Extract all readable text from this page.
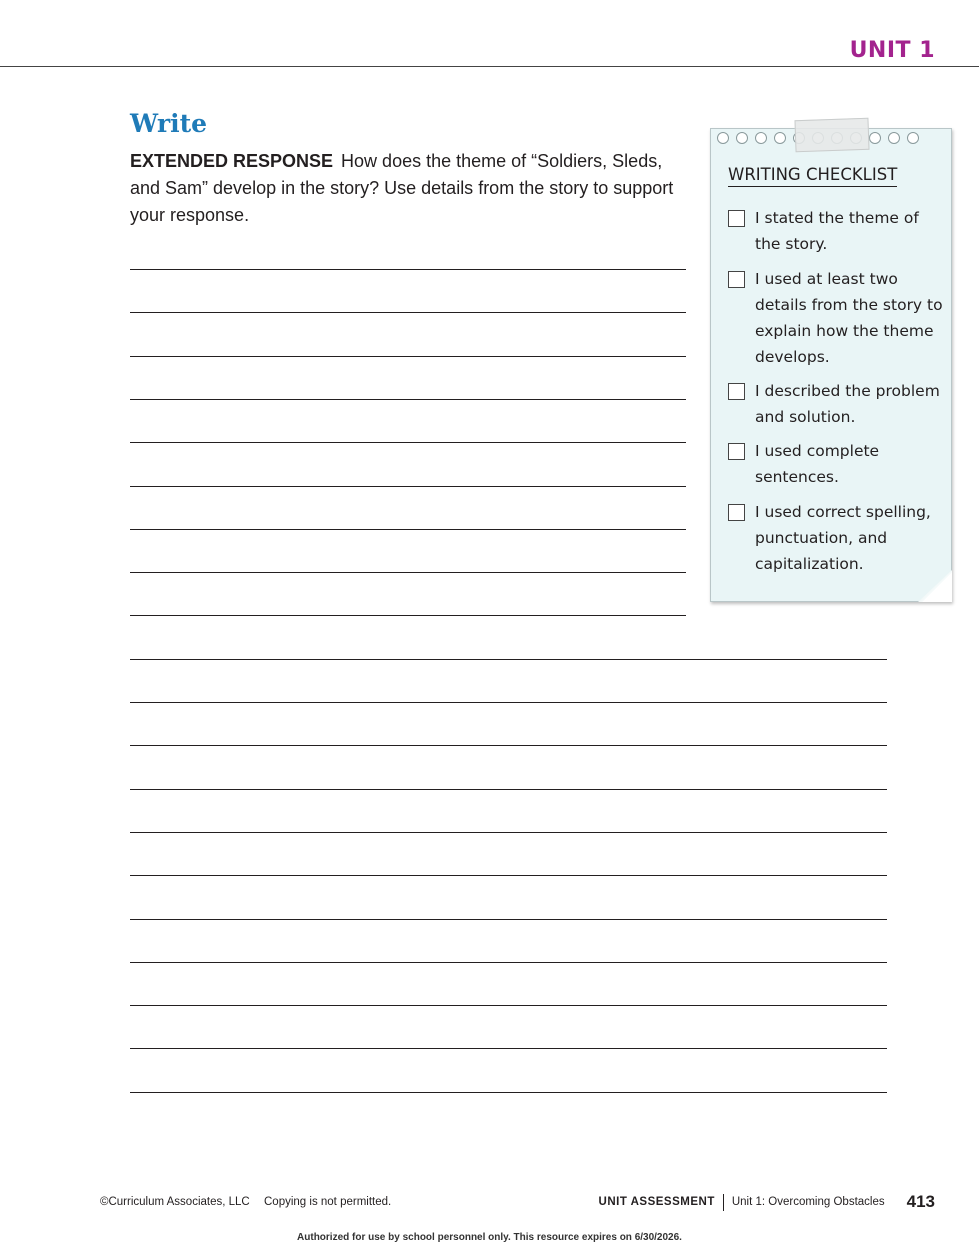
UNIT 1
Write

EXTENDED RESPONSE How does the theme of “Soldiers, Sleds, and Sam” develop in the story? Use details from the story to support your response.

WRITING CHECKLIST
I stated the theme of the story.
I used at least two details from the story to explain how the theme develops.
I described the problem and solution.
I used complete sentences.
I used correct spelling, punctuation, and capitalization.
©Curriculum Associates, LLC Copying is not permitted.	UNIT ASSESSMENT Unit 1: Overcoming Obstacles 413
Authorized for use by school personnel only. This resource expires on 6/30/2026.
